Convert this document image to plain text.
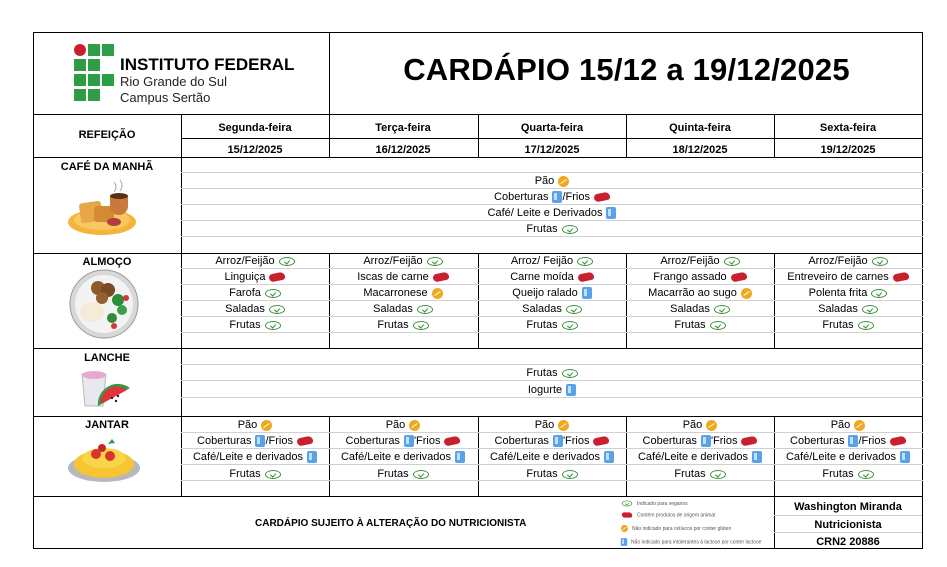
INSTITUTO FEDERAL
Rio Grande do Sul
Campus Sertão
CARDÁPIO 15/12 a 19/12/2025
REFEIÇÃO
Segunda-feira
15/12/2025
Terça-feira
16/12/2025
Quarta-feira
17/12/2025
Quinta-feira
18/12/2025
Sexta-feira
19/12/2025
CAFÉ DA MANHÃ
ALMOÇO
LANCHE
JANTAR
Pão
Coberturas /Frios
Café/ Leite e Derivados
Frutas
Arroz/Feijão
Linguiça
Farofa
Saladas
Frutas
Arroz/Feijão
Iscas de carne
Macarronese
Saladas
Frutas
Arroz/ Feijão
Carne moída
Queijo ralado
Saladas
Frutas
Arroz/Feijão
Frango assado
Macarrão ao sugo
Saladas
Frutas
Arroz/Feijão
Entreveiro de carnes
Polenta frita
Saladas
Frutas
Frutas
Iogurte
Pão
Coberturas /Frios
Café/Leite e derivados
Frutas
Pão
Coberturas 'Frios
Café/Leite e derivados
Frutas
Pão
Coberturas 'Frios
Café/Leite e derivados
Frutas
Pão
Coberturas 'Frios
Café/Leite e derivados
Frutas
Pão
Coberturas /Frios
Café/Leite e derivados
Frutas
CARDÁPIO SUJEITO À ALTERAÇÃO DO NUTRICIONISTA
Indicado para veganos
Contém produtos de origem animal
Não indicado para celíacos por conter glúten
Não indicado para intolerantes à lactose por conter lactose
Washington Miranda
Nutricionista
CRN2 20886
